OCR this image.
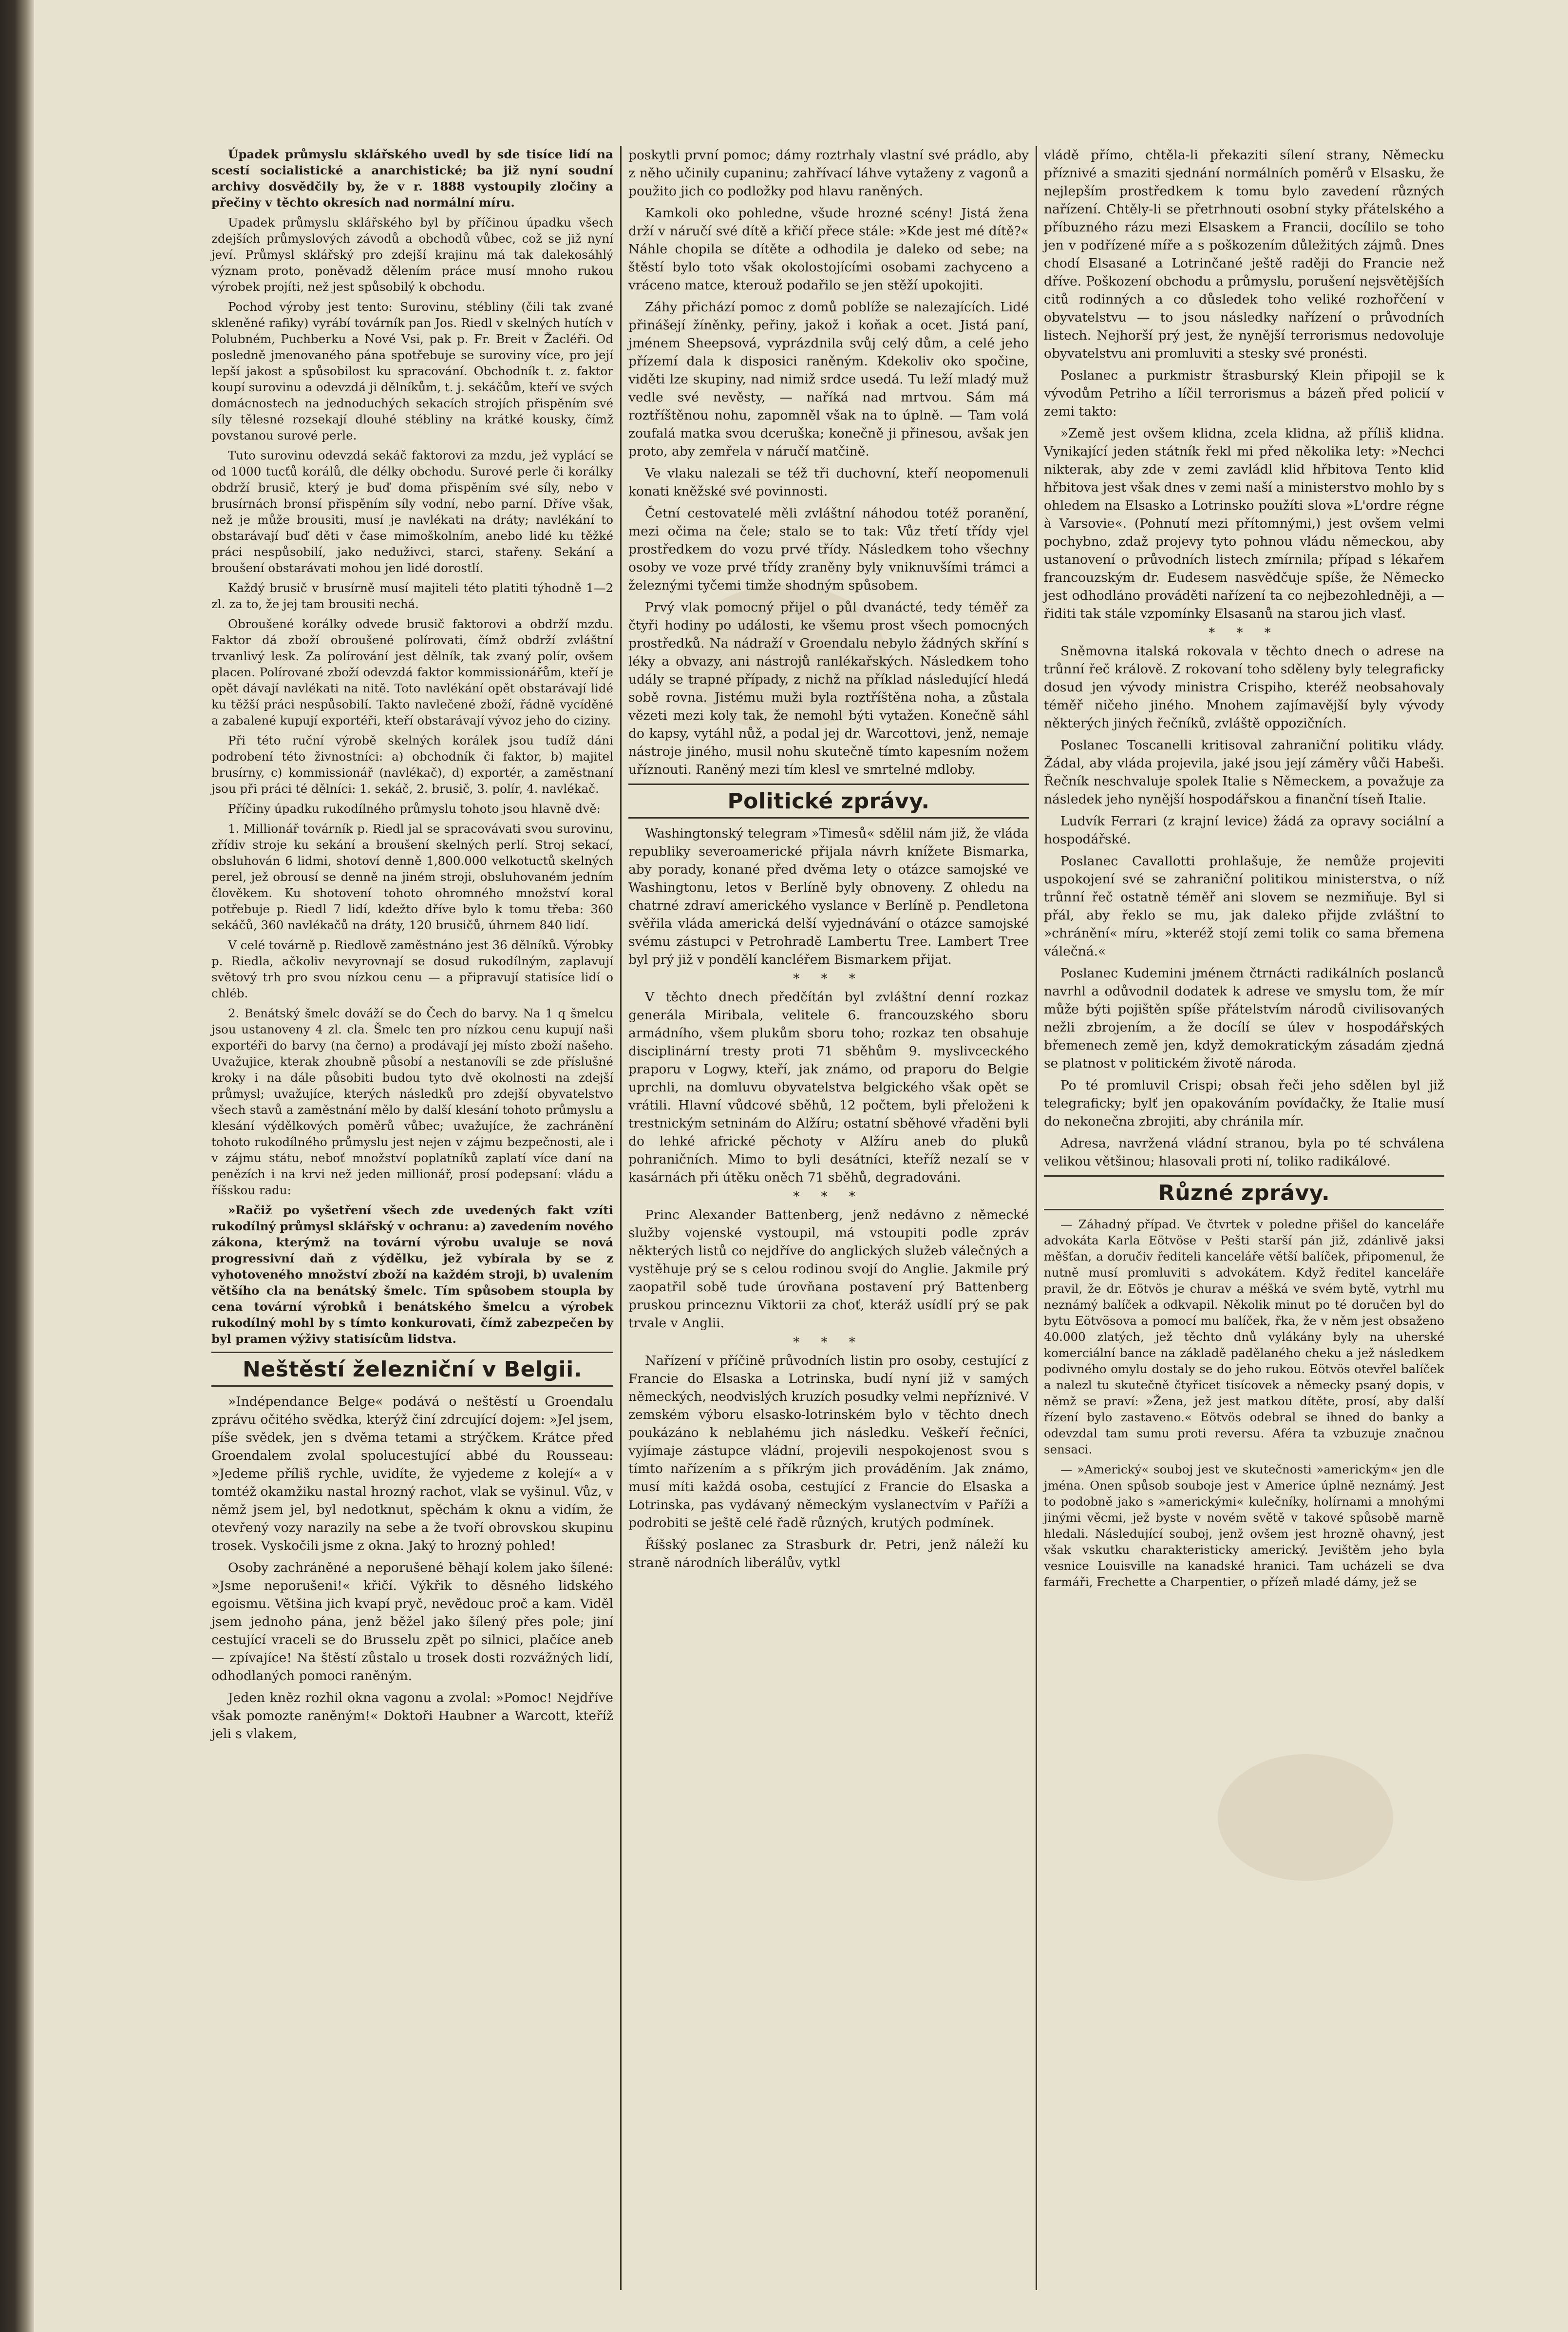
Úpadek průmyslu sklářského uvedl by sde tisíce lidí na scestí socialistické a anarchistické; ba již nyní soudní archivy dosvědčily by, že v r. 1888 vystoupily zločiny a přečiny v těchto okresích nad normální míru.

Upadek průmyslu sklářského byl by příčinou úpadku všech zdejších průmyslových závodů a obchodů vůbec, což se již nyní jeví. Průmysl sklářský pro zdejší krajinu má tak dalekosáhlý význam proto, poněvadž dělením práce musí mnoho rukou výrobek projíti, než jest spůsobilý k obchodu.

Pochod výroby jest tento: Surovinu, stébliny (čili tak zvané skleněné rafiky) vyrábí továrník pan Jos. Riedl v skelných hutích v Polubném, Puchberku a Nové Vsi, pak p. Fr. Breit v Žacléři. Od posledně jmenovaného pána spotřebuje se suroviny více, pro její lepší jakost a spůsobilost ku spracování. Obchodník t. z. faktor koupí surovinu a odevzdá ji dělníkům, t. j. sekáčům, kteří ve svých domácnostech na jednoduchých sekacích strojích přispěním své síly tělesné rozsekají dlouhé stébliny na krátké kousky, čímž povstanou surové perle.

Tuto surovinu odevzdá sekáč faktorovi za mzdu, jež vyplácí se od 1000 tucťů korálů, dle délky obchodu. Surové perle či korálky obdrží brusič, který je buď doma přispěním své síly, nebo v brusírnách bronsí přispěním síly vodní, nebo parní. Dříve však, než je může brousiti, musí je navlékati na dráty; navlékání to obstarávají buď děti v čase mimoškolním, anebo lidé ku těžké práci nespůsobilí, jako neduživci, starci, stařeny. Sekání a broušení obstarávati mohou jen lidé dorostlí.

Každý brusič v brusírně musí majiteli této platiti týhodně 1—2 zl. za to, že jej tam brousiti nechá.

Obroušené korálky odvede brusič faktorovi a obdrží mzdu. Faktor dá zboží obroušené polírovati, čímž obdrží zvláštní trvanlivý lesk. Za polírování jest dělník, tak zvaný polír, ovšem placen. Polírované zboží odevzdá faktor kommissionářům, kteří je opět dávají navlékati na nitě. Toto navlékání opět obstarávají lidé ku těžší práci nespůsobilí. Takto navlečené zboží, řádně vycíděné a zabalené kupují exportéři, kteří obstarávají vývoz jeho do ciziny.

Při této ruční výrobě skelných korálek jsou tudíž dáni podrobení této živnostníci: a) obchodník či faktor, b) majitel brusírny, c) kommissionář (navlékač), d) exportér, a zaměstnaní jsou při práci té dělníci: 1. sekáč, 2. brusič, 3. polír, 4. navlékač.

Příčiny úpadku rukodílného průmyslu tohoto jsou hlavně dvě:

1. Millionář továrník p. Riedl jal se spracovávati svou surovinu, zřídiv stroje ku sekání a broušení skelných perlí. Stroj sekací, obsluhován 6 lidmi, shotoví denně 1,800.000 velkotuctů skelných perel, jež obrousí se denně na jiném stroji, obsluhovaném jedním člověkem. Ku shotovení tohoto ohromného množství koral potřebuje p. Riedl 7 lidí, kdežto dříve bylo k tomu třeba: 360 sekáčů, 360 navlékačů na dráty, 120 brusičů, úhrnem 840 lidí.

V celé továrně p. Riedlově zaměstnáno jest 36 dělníků. Výrobky p. Riedla, ačkoliv nevyrovnají se dosud rukodílným, zaplavují světový trh pro svou nízkou cenu — a připravují statisíce lidí o chléb.

2. Benátský šmelc dováží se do Čech do barvy. Na 1 q šmelcu jsou ustanoveny 4 zl. cla. Šmelc ten pro nízkou cenu kupují naši exportéři do barvy (na černo) a prodávají jej místo zboží našeho. Uvažujice, kterak zhoubně působí a nestanovíli se zde příslušné kroky i na dále působiti budou tyto dvě okolnosti na zdejší průmysl; uvažujíce, kterých následků pro zdejší obyvatelstvo všech stavů a zaměstnání mělo by další klesání tohoto průmyslu a klesání výdělkových poměrů vůbec; uvažujíce, že zachránění tohoto rukodílného průmyslu jest nejen v zájmu bezpečnosti, ale i v zájmu státu, neboť množství poplatníků zaplatí více daní na penězích i na krvi než jeden millionář, prosí podepsaní: vládu a říšskou radu:

»Račiž po vyšetření všech zde uvedených fakt vzíti rukodílný průmysl sklářský v ochranu: a) zavedením nového zákona, kterýmž na tovární výrobu uvaluje se nová progressivní daň z výdělku, jež vybírala by se z vyhotoveného množství zboží na každém stroji, b) uvalením většího cla na benátský šmelc. Tím spůsobem stoupla by cena tovární výrobků i benátského šmelcu a výrobek rukodílný mohl by s tímto konkurovati, čímž zabezpečen by byl pramen výživy statisícům lidstva.

Neštěstí železniční v Belgii.

»Indépendance Belge« podává o neštěstí u Groendalu zprávu očitého svědka, kterýž činí zdrcující dojem: »Jel jsem, píše svědek, jen s dvěma tetami a strýčkem. Krátce před Groendalem zvolal spolucestující abbé du Rousseau: »Jedeme příliš rychle, uvidíte, že vyjedeme z kolejí« a v tomtéž okamžiku nastal hrozný rachot, vlak se vyšinul. Vůz, v němž jsem jel, byl nedotknut, spěchám k oknu a vidím, že otevřený vozy narazily na sebe a že tvoří obrovskou skupinu trosek. Vyskočili jsme z okna. Jaký to hrozný pohled!

Osoby zachráněné a neporušené běhají kolem jako šílené: »Jsme neporušeni!« křičí. Výkřik to děsného lidského egoismu. Většina jich kvapí pryč, nevědouc proč a kam. Viděl jsem jednoho pána, jenž běžel jako šílený přes pole; jiní cestující vraceli se do Brusselu zpět po silnici, plačíce aneb — zpívajíce! Na štěstí zůstalo u trosek dosti rozvážných lidí, odhodlaných pomoci raněným.

Jeden kněz rozhil okna vagonu a zvolal: »Pomoc! Nejdříve však pomozte raněným!« Doktoři Haubner a Warcott, kteříž jeli s vlakem,

poskytli první pomoc; dámy roztrhaly vlastní své prádlo, aby z něho učinily cupaninu; zahřívací láhve vytaženy z vagonů a použito jich co podložky pod hlavu raněných.

Kamkoli oko pohledne, všude hrozné scény! Jistá žena drží v náručí své dítě a křičí přece stále: »Kde jest mé dítě?« Náhle chopila se dítěte a odhodila je daleko od sebe; na štěstí bylo toto však okolostojícími osobami zachyceno a vráceno matce, kterouž podařilo se jen stěží upokojiti.

Záhy přichází pomoc z domů poblíže se nalezajících. Lidé přinášejí žíněnky, peřiny, jakož i koňak a ocet. Jistá paní, jménem Sheepsová, vyprázdnila svůj celý dům, a celé jeho přízemí dala k disposici raněným. Kdekoliv oko spočine, viděti lze skupiny, nad nimiž srdce usedá. Tu leží mladý muž vedle své nevěsty, — naříká nad mrtvou. Sám má roztříštěnou nohu, zapomněl však na to úplně. — Tam volá zoufalá matka svou dceruška; konečně ji přinesou, avšak jen proto, aby zemřela v náručí matčině.

Ve vlaku nalezali se též tři duchovní, kteří neopomenuli konati kněžské své povinnosti.

Četní cestovatelé měli zvláštní náhodou totéž poranění, mezi očima na čele; stalo se to tak: Vůz třetí třídy vjel prostředkem do vozu prvé třídy. Následkem toho všechny osoby ve voze prvé třídy zraněny byly vniknuvšími trámci a železnými tyčemi timže shodným spůsobem.

Prvý vlak pomocný přijel o půl dvanácté, tedy téměř za čtyři hodiny po události, ke všemu prost všech pomocných prostředků. Na nádraží v Groendalu nebylo žádných skříní s léky a obvazy, ani nástrojů ranlékařských. Následkem toho udály se trapné případy, z nichž na příklad následující hledá sobě rovna. Jistému muži byla roztříštěna noha, a zůstala vězeti mezi koly tak, že nemohl býti vytažen. Konečně sáhl do kapsy, vytáhl nůž, a podal jej dr. Warcottovi, jenž, nemaje nástroje jiného, musil nohu skutečně tímto kapesním nožem uříznouti. Raněný mezi tím klesl ve smrtelné mdloby.

Politické zprávy.

Washingtonský telegram »Timesů« sdělil nám již, že vláda republiky severoamerické přijala návrh knížete Bismarka, aby porady, konané před dvěma lety o otázce samojské ve Washingtonu, letos v Berlíně byly obnoveny. Z ohledu na chatrné zdraví amerického vyslance v Berlíně p. Pendletona svěřila vláda americká delší vyjednávání o otázce samojské svému zástupci v Petrohradě Lambertu Tree. Lambert Tree byl prý již v pondělí kancléřem Bismarkem přijat.

* * *

V těchto dnech předčítán byl zvláštní denní rozkaz generála Miribala, velitele 6. francouzského sboru armádního, všem plukům sboru toho; rozkaz ten obsahuje disciplinární tresty proti 71 sběhům 9. myslivceckého praporu v Logwy, kteří, jak známo, od praporu do Belgie uprchli, na domluvu obyvatelstva belgického však opět se vrátili. Hlavní vůdcové sběhů, 12 počtem, byli přeloženi k trestnickým setninám do Alžíru; ostatní sběhové vřaděni byli do lehké africké pěchoty v Alžíru aneb do pluků pohraničních. Mimo to byli desátníci, kteříž nezalí se v kasárnách při útěku oněch 71 sběhů, degradováni.

* * *

Princ Alexander Battenberg, jenž nedávno z německé služby vojenské vystoupil, má vstoupiti podle zpráv některých listů co nejdříve do anglických služeb válečných a vystěhuje prý se s celou rodinou svojí do Anglie. Jakmile prý zaopatřil sobě tude úrovňana postavení prý Battenberg pruskou princeznu Viktorii za choť, kteráž usídlí prý se pak trvale v Anglii.

* * *

Nařízení v příčině průvodních listin pro osoby, cestující z Francie do Elsaska a Lotrinska, budí nyní již v samých německých, neodvislých kruzích posudky velmi nepříznivé. V zemském výboru elsasko-lotrinském bylo v těchto dnech poukázáno k neblahému jich následku. Veškeří řečníci, vyjímaje zástupce vládní, projevili nespokojenost svou s tímto nařízením a s příkrým jich prováděním. Jak známo, musí míti každá osoba, cestující z Francie do Elsaska a Lotrinska, pas vydávaný německým vyslanectvím v Paříži a podrobiti se ještě celé řadě různých, krutých podmínek.

Říšský poslanec za Strasburk dr. Petri, jenž náleží ku straně národních liberálův, vytkl

vládě přímo, chtěla-li překaziti sílení strany, Německu příznivé a smaziti sjednání normálních poměrů v Elsasku, že nejlepším prostředkem k tomu bylo zavedení různých nařízení. Chtěly-li se přetrhnouti osobní styky přátelského a příbuzného rázu mezi Elsaskem a Francii, docílilo se toho jen v podřízené míře a s poškozením důležitých zájmů. Dnes chodí Elsasané a Lotrinčané ještě raději do Francie než dříve. Poškození obchodu a průmyslu, porušení nejsvětějších citů rodinných a co důsledek toho veliké rozhořčení v obyvatelstvu — to jsou následky nařízení o průvodních listech. Nejhorší prý jest, že nynější terrorismus nedovoluje obyvatelstvu ani promluviti a stesky své pronésti.

Poslanec a purkmistr štrasburský Klein připojil se k vývodům Petriho a líčil terrorismus a bázeň před policií v zemi takto:

»Země jest ovšem klidna, zcela klidna, až příliš klidna. Vynikající jeden státník řekl mi před několika lety: »Nechci nikterak, aby zde v zemi zavládl klid hřbitova Tento klid hřbitova jest však dnes v zemi naší a ministerstvo mohlo by s ohledem na Elsasko a Lotrinsko použíti slova »L'ordre régne à Varsovie«. (Pohnutí mezi přítomnými,) jest ovšem velmi pochybno, zdaž projevy tyto pohnou vládu německou, aby ustanovení o průvodních listech zmírnila; případ s lékařem francouzským dr. Eudesem nasvědčuje spíše, že Německo jest odhodláno prováděti nařízení ta co nejbezohledněji, a — řiditi tak stále vzpomínky Elsasanů na starou jich vlasť.

* * *

Sněmovna italská rokovala v těchto dnech o adrese na trůnní řeč králově. Z rokovaní toho sděleny byly telegraficky dosud jen vývody ministra Crispiho, kteréž neobsahovaly téměř ničeho jiného. Mnohem zajímavější byly vývody některých jiných řečníků, zvláště oppozičních.

Poslanec Toscanelli kritisoval zahraniční politiku vlády. Žádal, aby vláda projevila, jaké jsou její záměry vůči Habeši. Řečník neschvaluje spolek Italie s Německem, a považuje za následek jeho nynější hospodářskou a finanční tíseň Italie.

Ludvík Ferrari (z krajní levice) žádá za opravy sociální a hospodářské.

Poslanec Cavallotti prohlašuje, že nemůže projeviti uspokojení své se zahraniční politikou ministerstva, o níž trůnní řeč ostatně téměř ani slovem se nezmiňuje. Byl si přál, aby řeklo se mu, jak daleko přijde zvláštní to »chránění« míru, »kteréž stojí zemi tolik co sama břemena válečná.«

Poslanec Kudemini jménem čtrnácti radikálních poslanců navrhl a odůvodnil dodatek k adrese ve smyslu tom, že mír může býti pojištěn spíše přátelstvím národů civilisovaných nežli zbrojením, a že docílí se úlev v hospodářských břemenech země jen, když demokratickým zásadám zjedná se platnost v politickém životě národa.

Po té promluvil Crispi; obsah řeči jeho sdělen byl již telegraficky; bylť jen opakováním povídačky, že Italie musí do nekonečna zbrojiti, aby chránila mír.

Adresa, navržená vládní stranou, byla po té schválena velikou většinou; hlasovali proti ní, toliko radikálové.

Různé zprávy.

— Záhadný případ. Ve čtvrtek v poledne přišel do kanceláře advokáta Karla Eötvöse v Pešti starší pán již, zdánlivě jaksi měšťan, a doručiv řediteli kanceláře větší balíček, připomenul, že nutně musí promluviti s advokátem. Když ředitel kanceláře pravil, že dr. Eötvös je churav a méšká ve svém bytě, vytrhl mu neznámý balíček a odkvapil. Několik minut po té doručen byl do bytu Eötvösova a pomocí mu balíček, řka, že v něm jest obsaženo 40.000 zlatých, jež těchto dnů vylákány byly na uherské komerciální bance na základě padělaného cheku a jež následkem podivného omylu dostaly se do jeho rukou. Eötvös otevřel balíček a nalezl tu skutečně čtyřicet tisícovek a německy psaný dopis, v němž se praví: »Žena, jež jest matkou dítěte, prosí, aby další řízení bylo zastaveno.« Eötvös odebral se ihned do banky a odevzdal tam sumu proti reversu. Aféra ta vzbuzuje značnou sensaci.

— »Americký« souboj jest ve skutečnosti »americkým« jen dle jména. Onen spůsob souboje jest v Americe úplně neznámý. Jest to podobně jako s »americkými« kulečníky, holírnami a mnohými jinými věcmi, jež byste v novém světě v takové spůsobě marně hledali. Následující souboj, jenž ovšem jest hrozně ohavný, jest však vskutku charakteristicky americký. Jevištěm jeho byla vesnice Louisville na kanadské hranici. Tam ucházeli se dva farmáři, Frechette a Charpentier, o přízeň mladé dámy, jež se
